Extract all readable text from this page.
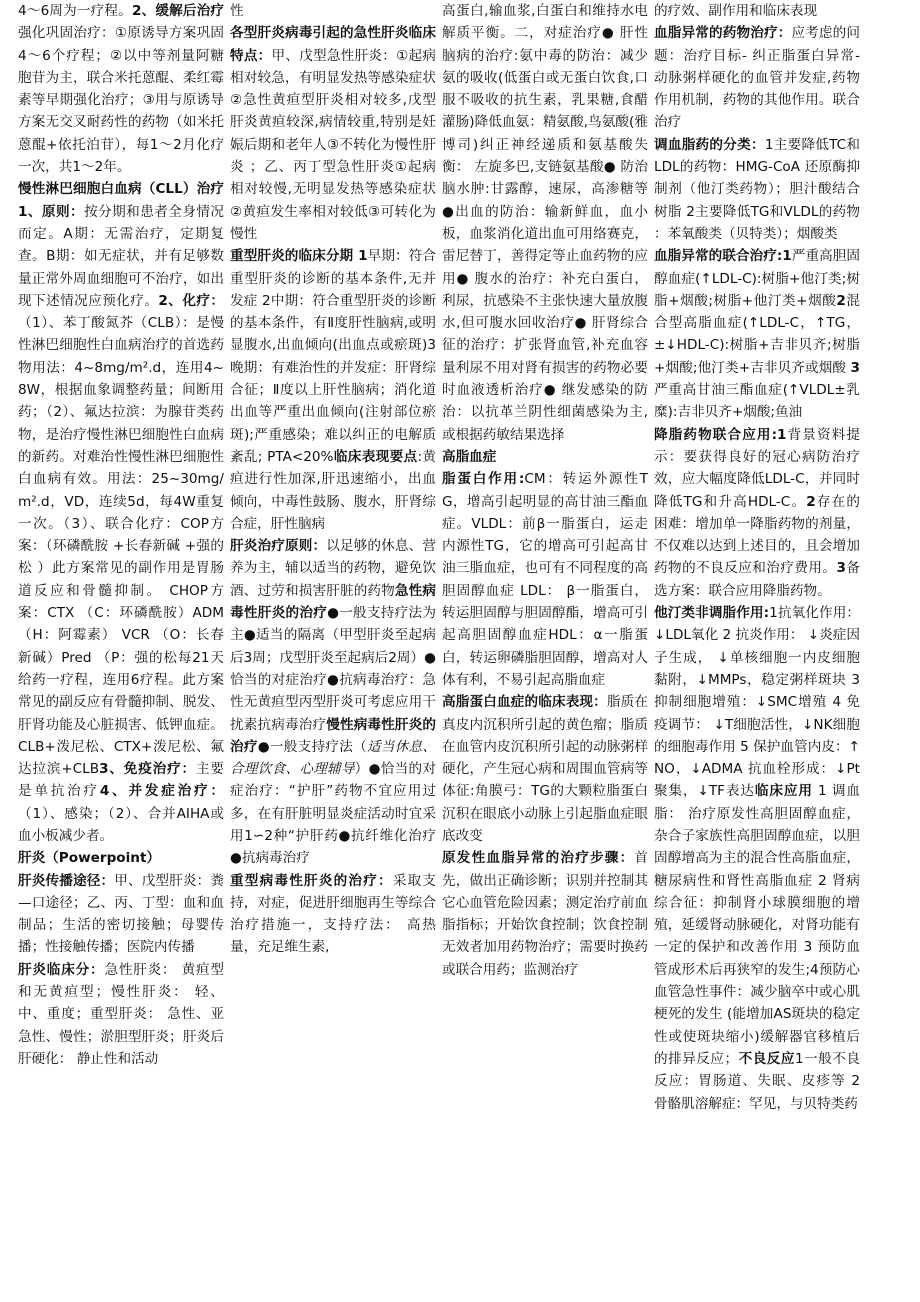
4～6周为一疗程。2、缓解后治疗强化巩固治疗：①原诱导方案巩固4～6个疗程；②以中等剂量阿糖胞苷为主，联合米托蒽醌、柔红霉素等早期强化治疗；③用与原诱导方案无交叉耐药性的药物（如米托蒽醌+依托泊苷），每1～2月化疗一次，共1～2年。

慢性淋巴细胞白血病（CLL）治疗 1、原则：按分期和患者全身情况而定。A期：无需治疗，定期复查。B期：如无症状，并有足够数量正常外周血细胞可不治疗，如出现下述情况应预化疗。2、化疗：（1）、苯丁酸氮芥（CLB）：是慢性淋巴细胞性白血病治疗的首选药物用法：4~8mg/m².d，连用4~8W，根据血象调整药量；间断用药；（2）、氟达拉滨：为腺苷类药物，是治疗慢性淋巴细胞性白血病的新药。对难治性慢性淋巴细胞性白血病有效。用法：25~30mg/m².d，VD，连续5d，每4W重复一次。（3）、联合化疗：COP方案：（环磷酰胺 +长春新碱 +强的松 ）此方案常见的副作用是胃肠道反应和骨髓抑制。 CHOP方案：CTX （C：环磷酰胺）ADM （H：阿霉素） VCR （O：长春新碱）Pred （P：强的松每21天给药一疗程，连用6疗程。此方案常见的副反应有骨髓抑制、脱发、肝肾功能及心脏损害、低钾血症。CLB+泼尼松、CTX+泼尼松、氟达拉滨+CLB3、免疫治疗：主要是单抗治疗4、并发症治疗：（1）、感染；（2）、合并AIHA或血小板减少者。

肝炎（Powerpoint）

肝炎传播途径：甲、戊型肝炎：粪—口途径；乙、丙、丁型：血和血制品；生活的密切接触；母婴传播；性接触传播；医院内传播

肝炎临床分：急性肝炎： 黄疸型和无黄疸型；慢性肝炎： 轻、中、重度；重型肝炎： 急性、亚急性、慢性；淤胆型肝炎；肝炎后肝硬化： 静止性和活动

性

各型肝炎病毒引起的急性肝炎临床特点：甲、戊型急性肝炎：①起病相对较急，有明显发热等感染症状②急性黄疸型肝炎相对较多,戊型肝炎黄疸较深,病情较重,特别是妊娠后期和老年人③不转化为慢性肝炎 ；乙、丙丁型急性肝炎①起病相对较慢,无明显发热等感染症状②黄疸发生率相对较低③可转化为慢性

重型肝炎的临床分期 1早期：符合重型肝炎的诊断的基本条件,无并发症 2中期：符合重型肝炎的诊断的基本条件，有Ⅱ度肝性脑病,或明显腹水,出血倾向(出血点或瘀斑)3 晚期：有难治性的并发症：肝肾综合征；Ⅱ度以上肝性脑病；消化道出血等严重出血倾向(注射部位瘀斑);严重感染；难以纠正的电解质紊乱; PTA<20%临床表现要点:黄疸进行性加深,肝迅速缩小，出血倾向，中毒性鼓肠、腹水，肝肾综合症，肝性脑病

肝炎治疗原则：以足够的休息、营养为主，辅以适当的药物，避免饮酒、过劳和损害肝脏的药物急性病毒性肝炎的治疗●一般支持疗法为主●适当的隔离（甲型肝炎至起病后3周；戊型肝炎至起病后2周）●恰当的对症治疗●抗病毒治疗：急性无黄疸型丙型肝炎可考虑应用干扰素抗病毒治疗慢性病毒性肝炎的治疗●一般支持疗法（适当休息、合理饮食、心理辅导）●恰当的对症治疗：“护肝”药物不宜应用过多，在有肝脏明显炎症活动时宜采用1∽2种“护肝药●抗纤维化治疗●抗病毒治疗

重型病毒性肝炎的治疗：采取支持，对症，促进肝细胞再生等综合治疗措施一，支持疗法： 高热量，充足维生素,

高蛋白,输血浆,白蛋白和维持水电解质平衡。二，对症治疗● 肝性脑病的治疗:氨中毒的防治：减少氨的吸收(低蛋白或无蛋白饮食,口服不吸收的抗生素，乳果糖,食醋灌肠)降低血氨：精氨酸,鸟氨酸(雅博司)纠正神经递质和氨基酸失衡： 左旋多巴,支链氨基酸● 防治脑水肿:甘露醇，速尿，高渗糖等●出血的防治：输新鲜血，血小板，血浆消化道出血可用络赛克，雷尼替丁，善得定等止血药物的应用● 腹水的治疗：补充白蛋白，利尿，抗感染不主张快速大量放腹水,但可腹水回收治疗● 肝肾综合征的治疗：扩张肾血管,补充血容量利尿不用对肾有损害的药物必要时血液透析治疗● 继发感染的防治：以抗革兰阴性细菌感染为主,或根据药敏结果选择

高脂血症

脂蛋白作用:CM：转运外源性TG，增高引起明显的高甘油三酯血症。VLDL：前β一脂蛋白，运走内源性TG，它的增高可引起高甘油三脂血症，也可有不同程度的高胆固醇血症 LDL： β一脂蛋白，转运胆固醇与胆固醇酯，增高可引起高胆固醇血症HDL：α一脂蛋白，转运卵磷脂胆固醇，增高对人体有利，不易引起高脂血症

高脂蛋白血症的临床表现：脂质在真皮内沉积所引起的黄色瘤；脂质在血管内皮沉积所引起的动脉粥样硬化，产生冠心病和周围血管病等体征:角膜弓：TG的大颗粒脂蛋白沉积在眼底小动脉上引起脂血症眼底改变

原发性血脂异常的治疗步骤：首先，做出正确诊断；识别并控制其它心血管危险因素；测定治疗前血脂指标；开始饮食控制；饮食控制无效者加用药物治疗；需要时换药或联合用药；监测治疗

的疗效、副作用和临床表现

血脂异常的药物治疗：应考虑的问题：治疗目标- 纠正脂蛋白异常- 动脉粥样硬化的血管并发症,药物作用机制，药物的其他作用。联合治疗

调血脂药的分类：1主要降低TC和LDL的药物：HMG-CoA 还原酶抑制剂（他汀类药物）；胆汁酸结合树脂 2主要降低TG和VLDL的药物 ：苯氧酸类（贝特类）；烟酸类

血脂异常的联合治疗:1严重高胆固醇血症(↑LDL-C):树脂+他汀类;树脂+烟酸;树脂+他汀类+烟酸2混合型高脂血症(↑LDL-C，↑TG，±↓HDL-C):树脂+吉非贝齐;树脂+烟酸;他汀类+吉非贝齐或烟酸 3严重高甘油三酯血症(↑VLDL±乳糜):吉非贝齐+烟酸;鱼油

降脂药物联合应用:1背景资料提示：要获得良好的冠心病防治疗效，应大幅度降低LDL-C，并同时降低TG和升高HDL-C。2存在的困难：增加单一降脂药物的剂量，不仅难以达到上述目的，且会增加药物的不良反应和治疗费用。3备选方案：联合应用降脂药物。

他汀类非调脂作用:1抗氧化作用： ↓LDL氧化 2 抗炎作用： ↓炎症因子生成， ↓单核细胞一内皮细胞黏附，↓MMPs，稳定粥样斑块 3抑制细胞增殖：↓SMC增殖 4 免疫调节： ↓T细胞活性，↓NK细胞的细胞毒作用 5 保护血管内皮：↑NO，↓ADMA 抗血栓形成：↓Pt聚集，↓TF表达临床应用 1 调血脂： 治疗原发性高胆固醇血症，杂合子家族性高胆固醇血症，以胆固醇增高为主的混合性高脂血症，糖尿病性和肾性高脂血症 2 肾病综合征：抑制肾小球膜细胞的增殖，延缓肾动脉硬化，对肾功能有一定的保护和改善作用 3 预防血管成形术后再狭窄的发生;4预防心血管急性事件：减少脑卒中或心肌梗死的发生 (能增加AS斑块的稳定性或使斑块缩小)缓解器官移植后的排异反应；不良反应1一般不良反应：胃肠道、失眠、皮疹等 2 骨骼肌溶解症：罕见，与贝特类药
